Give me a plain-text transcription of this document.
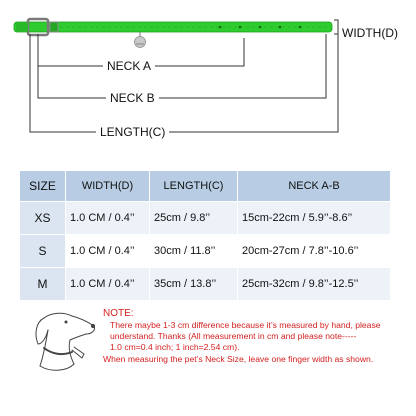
WIDTH(D)
NECK A
NECK B
LENGTH(C)
SIZE	WIDTH(D)	LENGTH(C)	NECK A-B
XS	1.0 CM / 0.4’’	25cm / 9.8’’	15cm-22cm / 5.9’’-8.6’’
S	1.0 CM / 0.4’’	30cm / 11.8’’	20cm-27cm / 7.8’’-10.6’’
M	1.0 CM / 0.4’’	35cm / 13.8’’	25cm-32cm / 9.8’’-12.5’’
NOTE:
There maybe 1-3 cm difference because it’s measured by hand, please
understand. Thanks (All measurement in cm and please note-----
1.0 cm=0.4 inch; 1 inch=2.54 cm).
When measuring the pet’s Neck Size, leave one finger width as shown.
